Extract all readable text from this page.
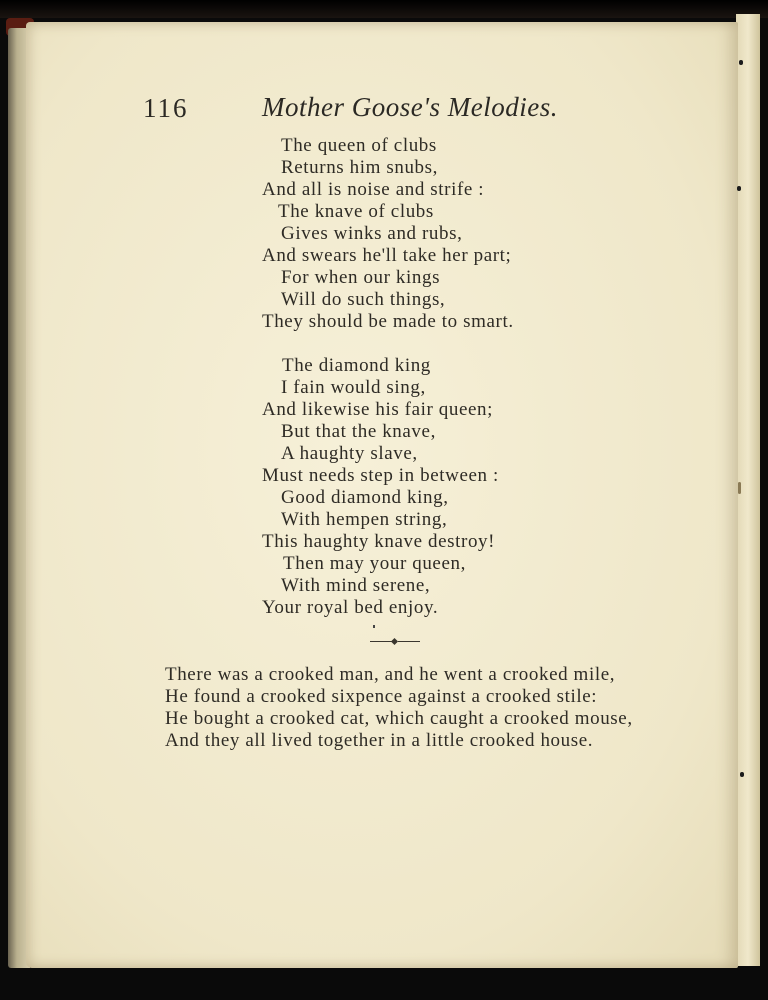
116	Mother Goose's Melodies.
The queen of clubs
Returns him snubs,
And all is noise and strife :
The knave of clubs
Gives winks and rubs,
And swears he'll take her part;
For when our kings
Will do such things,
They should be made to smart.
The diamond king
I fain would sing,
And likewise his fair queen;
But that the knave,
A haughty slave,
Must needs step in between :
Good diamond king,
With hempen string,
This haughty knave destroy!
Then may your queen,
With mind serene,
Your royal bed enjoy.
There was a crooked man, and he went a crooked mile,
He found a crooked sixpence against a crooked stile:
He bought a crooked cat, which caught a crooked mouse,
And they all lived together in a little crooked house.
